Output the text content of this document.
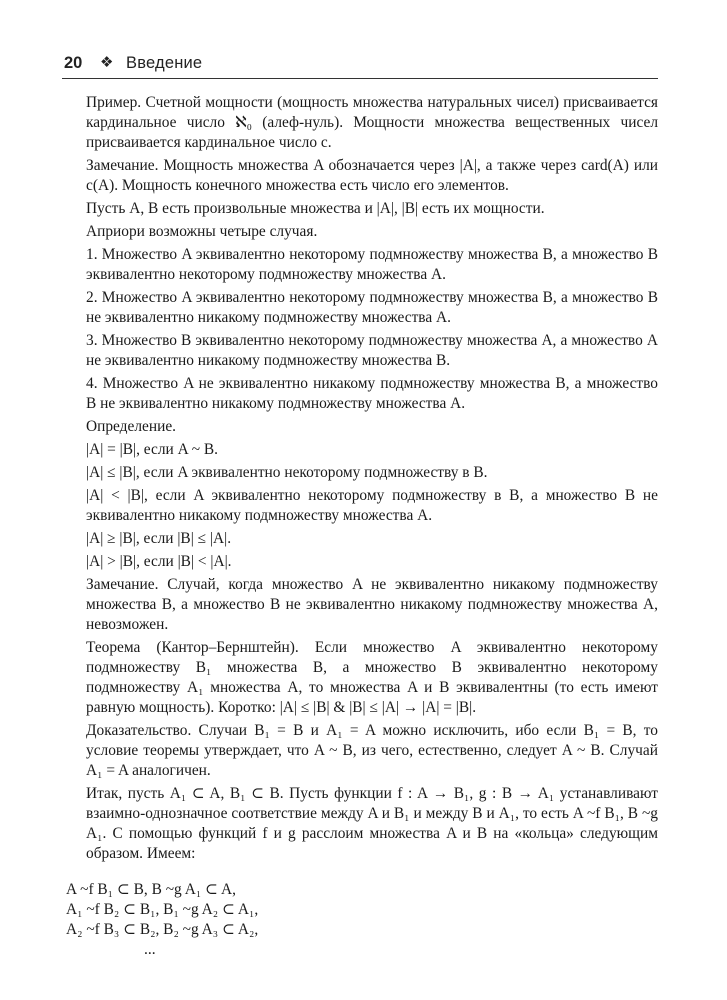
20 ❖ Введение

Пример. Счетной мощности (мощность множества натуральных чисел) присваивается кардинальное число ℵ₀ (алеф-нуль). Мощности множества вещественных чисел присваивается кардинальное число c.

Замечание. Мощность множества A обозначается через |A|, а также через card(A) или c(A). Мощность конечного множества есть число его элементов.

Пусть A, B есть произвольные множества и |A|, |B| есть их мощности.

Априори возможны четыре случая.

1. Множество A эквивалентно некоторому подмножеству множества B, а множество B эквивалентно некоторому подмножеству множества A.

2. Множество A эквивалентно некоторому подмножеству множества B, а множество B не эквивалентно никакому подмножеству множества A.

3. Множество B эквивалентно некоторому подмножеству множества A, а множество A не эквивалентно никакому подмножеству множества B.

4. Множество A не эквивалентно никакому подмножеству множества B, а множество B не эквивалентно никакому подмножеству множества A.

Определение.

|A| = |B|, если A ~ B.

|A| ≤ |B|, если A эквивалентно некоторому подмножеству в B.

|A| < |B|, если A эквивалентно некоторому подмножеству в B, а множество B не эквивалентно никакому подмножеству множества A.

|A| ≥ |B|, если |B| ≤ |A|.

|A| > |B|, если |B| < |A|.

Замечание. Случай, когда множество A не эквивалентно никакому подмножеству множества B, а множество B не эквивалентно никакому подмножеству множества A, невозможен.

Теорема (Кантор–Бернштейн). Если множество A эквивалентно некоторому подмножеству B₁ множества B, а множество B эквивалентно некоторому подмножеству A₁ множества A, то множества A и B эквивалентны (то есть имеют равную мощность). Коротко: |A| ≤ |B| & |B| ≤ |A| → |A| = |B|.

Доказательство. Случаи B₁ = B и A₁ = A можно исключить, ибо если B₁ = B, то условие теоремы утверждает, что A ~ B, из чего, естественно, следует A ~ B. Случай A₁ = A аналогичен.

Итак, пусть A₁ ⊂ A, B₁ ⊂ B. Пусть функции f : A → B₁, g : B → A₁ устанавливают взаимно-однозначное соответствие между A и B₁ и между B и A₁, то есть A ~f B₁, B ~g A₁. С помощью функций f и g расслоим множества A и B на «кольца» следующим образом. Имеем:

A ~f B₁ ⊂ B, B ~g A₁ ⊂ A,
A₁ ~f B₂ ⊂ B₁, B₁ ~g A₂ ⊂ A₁,
A₂ ~f B₃ ⊂ B₂, B₂ ~g A₃ ⊂ A₂,
...
